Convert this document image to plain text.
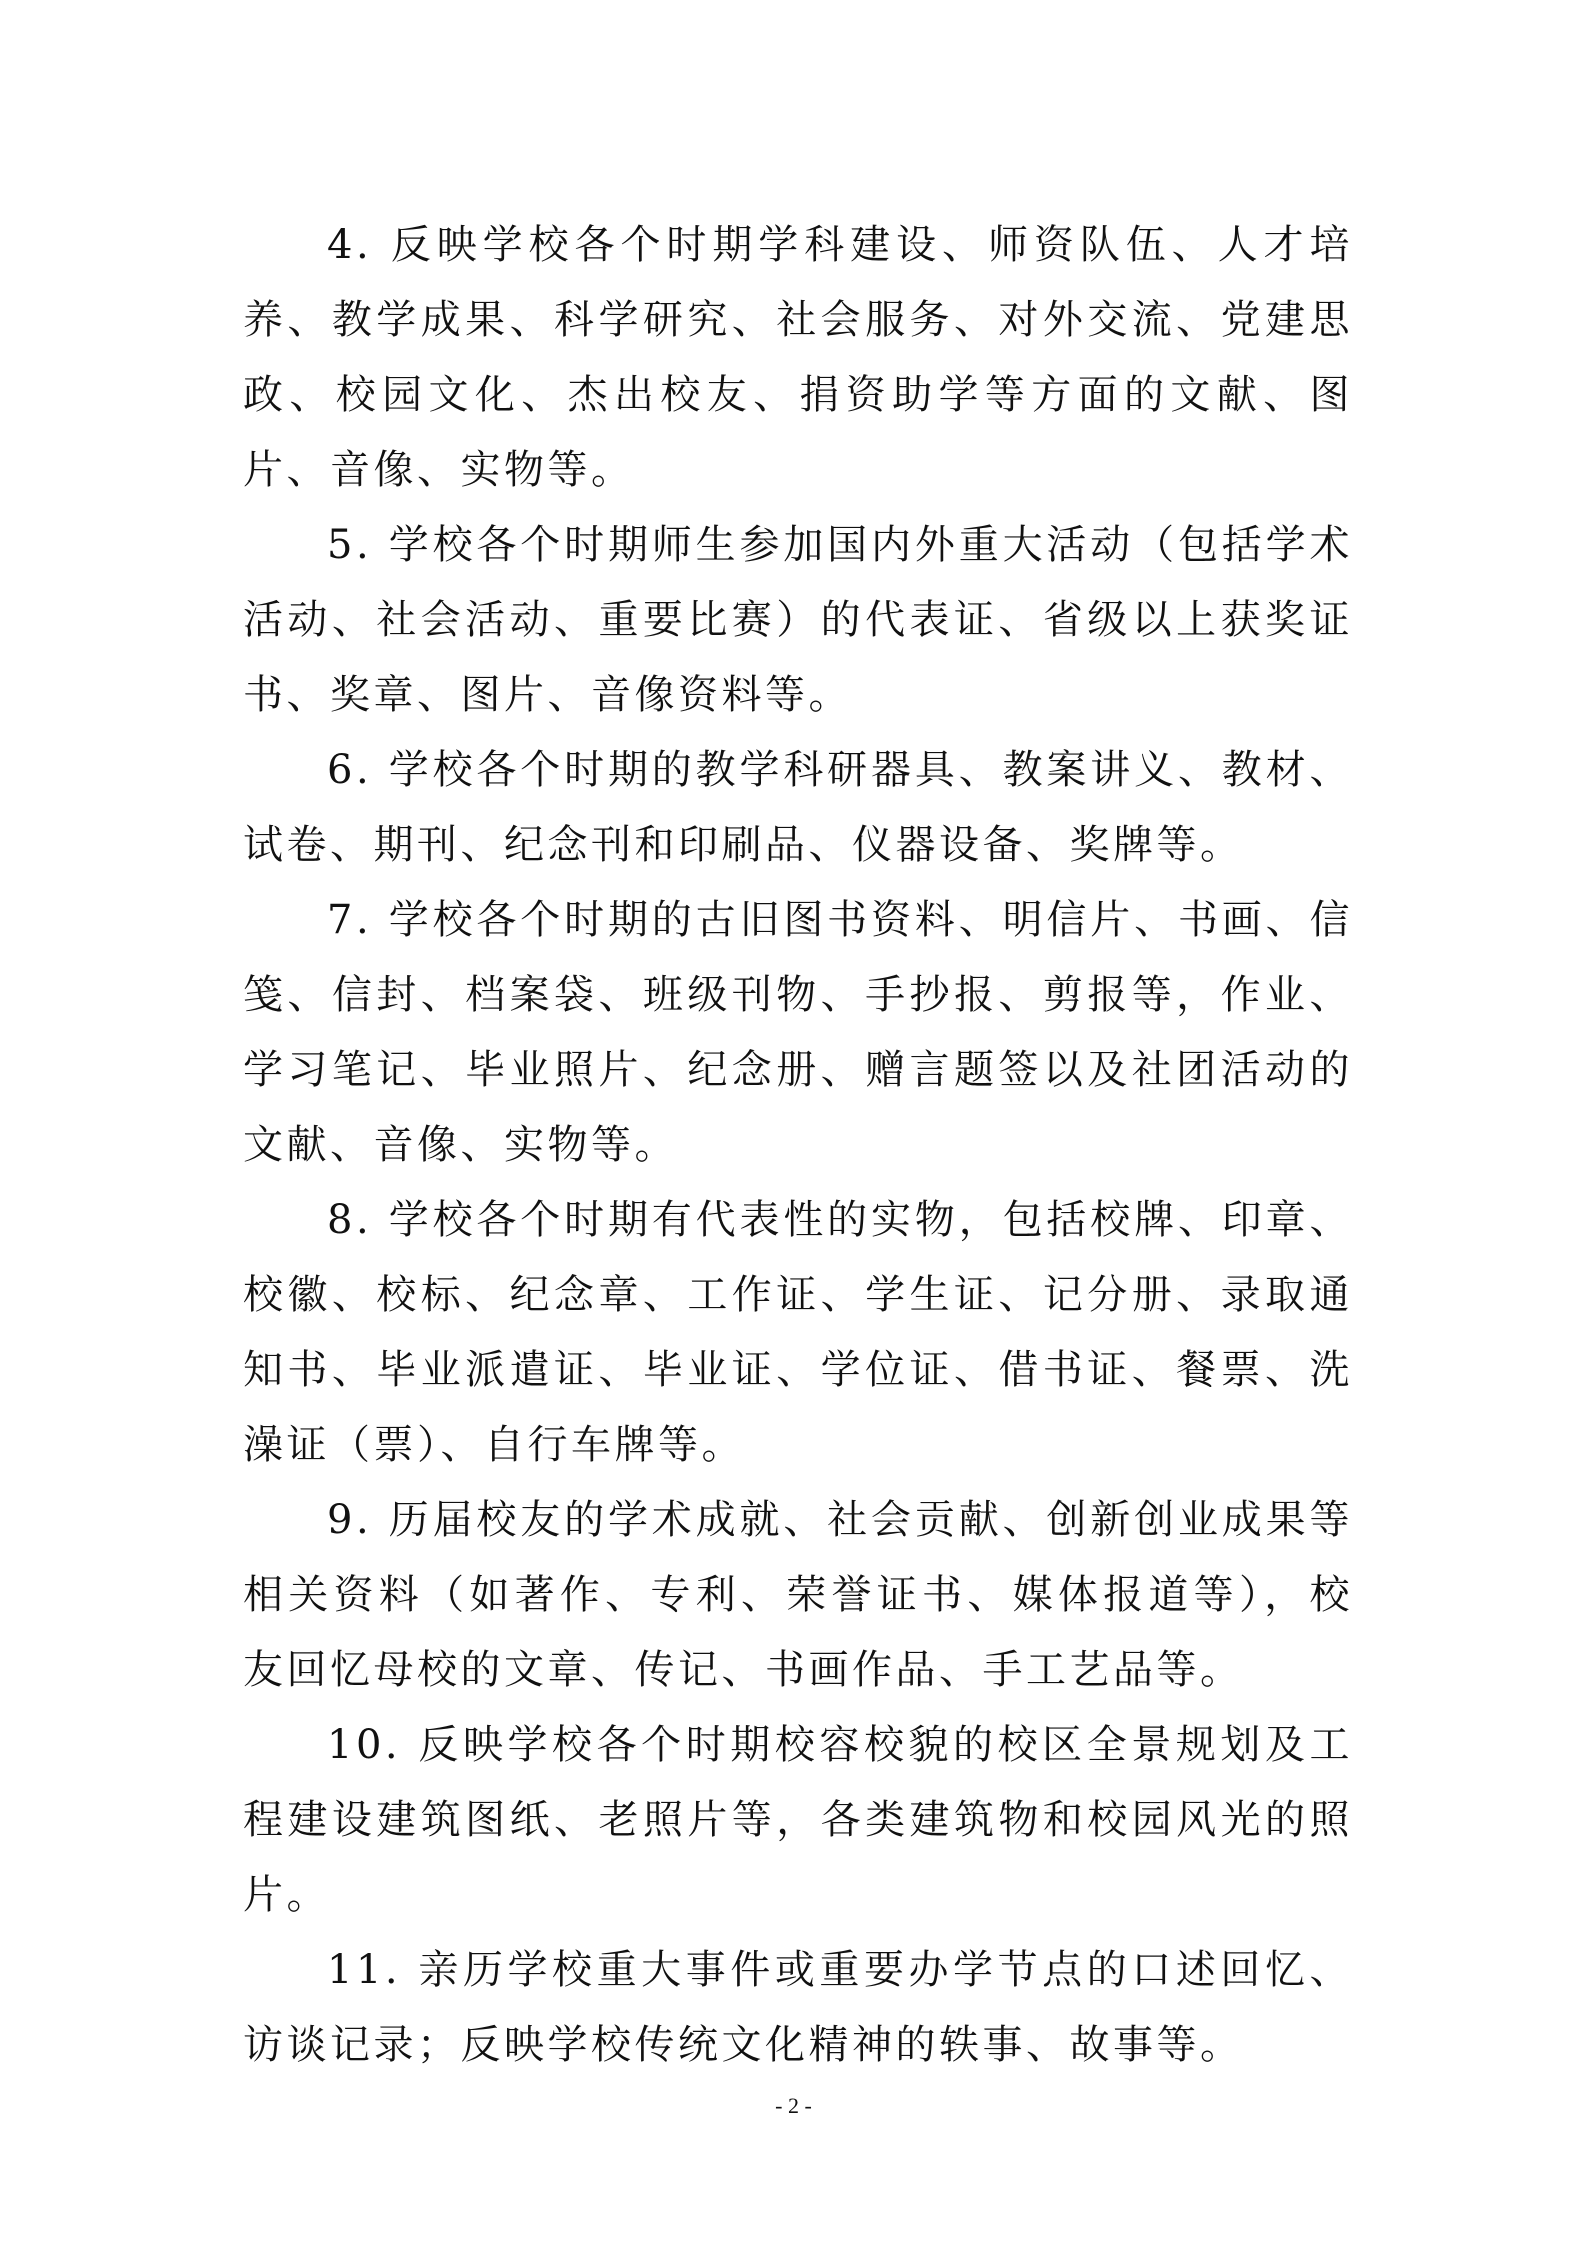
4. 反映学校各个时期学科建设、师资队伍、人才培养、教学成果、科学研究、社会服务、对外交流、党建思政、校园文化、杰出校友、捐资助学等方面的文献、图片、音像、实物等。

5. 学校各个时期师生参加国内外重大活动（包括学术活动、社会活动、重要比赛）的代表证、省级以上获奖证书、奖章、图片、音像资料等。

6. 学校各个时期的教学科研器具、教案讲义、教材、试卷、期刊、纪念刊和印刷品、仪器设备、奖牌等。

7. 学校各个时期的古旧图书资料、明信片、书画、信笺、信封、档案袋、班级刊物、手抄报、剪报等，作业、学习笔记、毕业照片、纪念册、赠言题签以及社团活动的文献、音像、实物等。

8. 学校各个时期有代表性的实物，包括校牌、印章、校徽、校标、纪念章、工作证、学生证、记分册、录取通知书、毕业派遣证、毕业证、学位证、借书证、餐票、洗澡证（票）、自行车牌等。

9. 历届校友的学术成就、社会贡献、创新创业成果等相关资料（如著作、专利、荣誉证书、媒体报道等），校友回忆母校的文章、传记、书画作品、手工艺品等。

10. 反映学校各个时期校容校貌的校区全景规划及工程建设建筑图纸、老照片等，各类建筑物和校园风光的照片。

11. 亲历学校重大事件或重要办学节点的口述回忆、访谈记录；反映学校传统文化精神的轶事、故事等。

- 2 -
